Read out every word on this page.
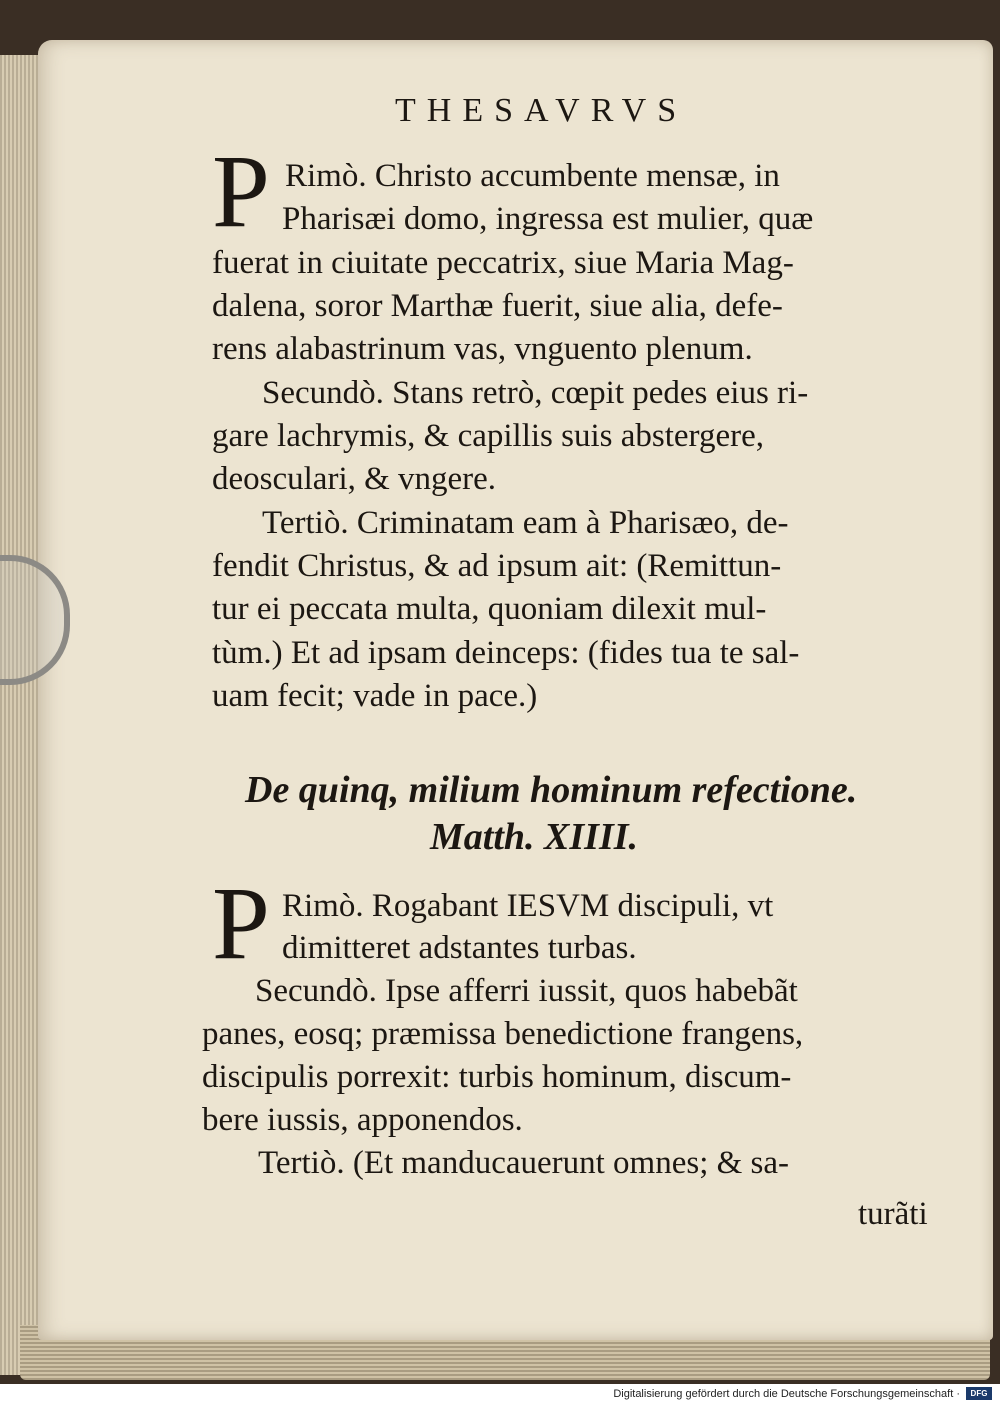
THESAVRVS
P Rimò. Christo accumbente mensæ, in
Pharisæi domo, ingressa est mulier, quæ
fuerat in ciuitate peccatrix, siue Maria Mag-
dalena, soror Marthæ fuerit, siue alia, defe-
rens alabastrinum vas, vnguento plenum.
Secundò. Stans retrò, cœpit pedes eius ri-
gare lachrymis, & capillis suis abstergere,
deosculari, & vngere.
Tertiò. Criminatam eam à Pharisæo, de-
fendit Christus, & ad ipsum ait: (Remittun-
tur ei peccata multa, quoniam dilexit mul-
tùm.) Et ad ipsam deinceps: (fides tua te sal-
uam fecit; vade in pace.)
De quinq, milium hominum refectione.
Matth. XIIII.
P Rimò. Rogabant IESVM discipuli, vt
dimitteret adstantes turbas.
Secundò. Ipse afferri iussit, quos habebãt
panes, eosq; præmissa benedictione frangens,
discipulis porrexit: turbis hominum, discum-
bere iussis, apponendos.
Tertiò. (Et manducauerunt omnes; & sa-
turãti
Digitalisierung gefördert durch die Deutsche Forschungsgemeinschaft ·	DFG
